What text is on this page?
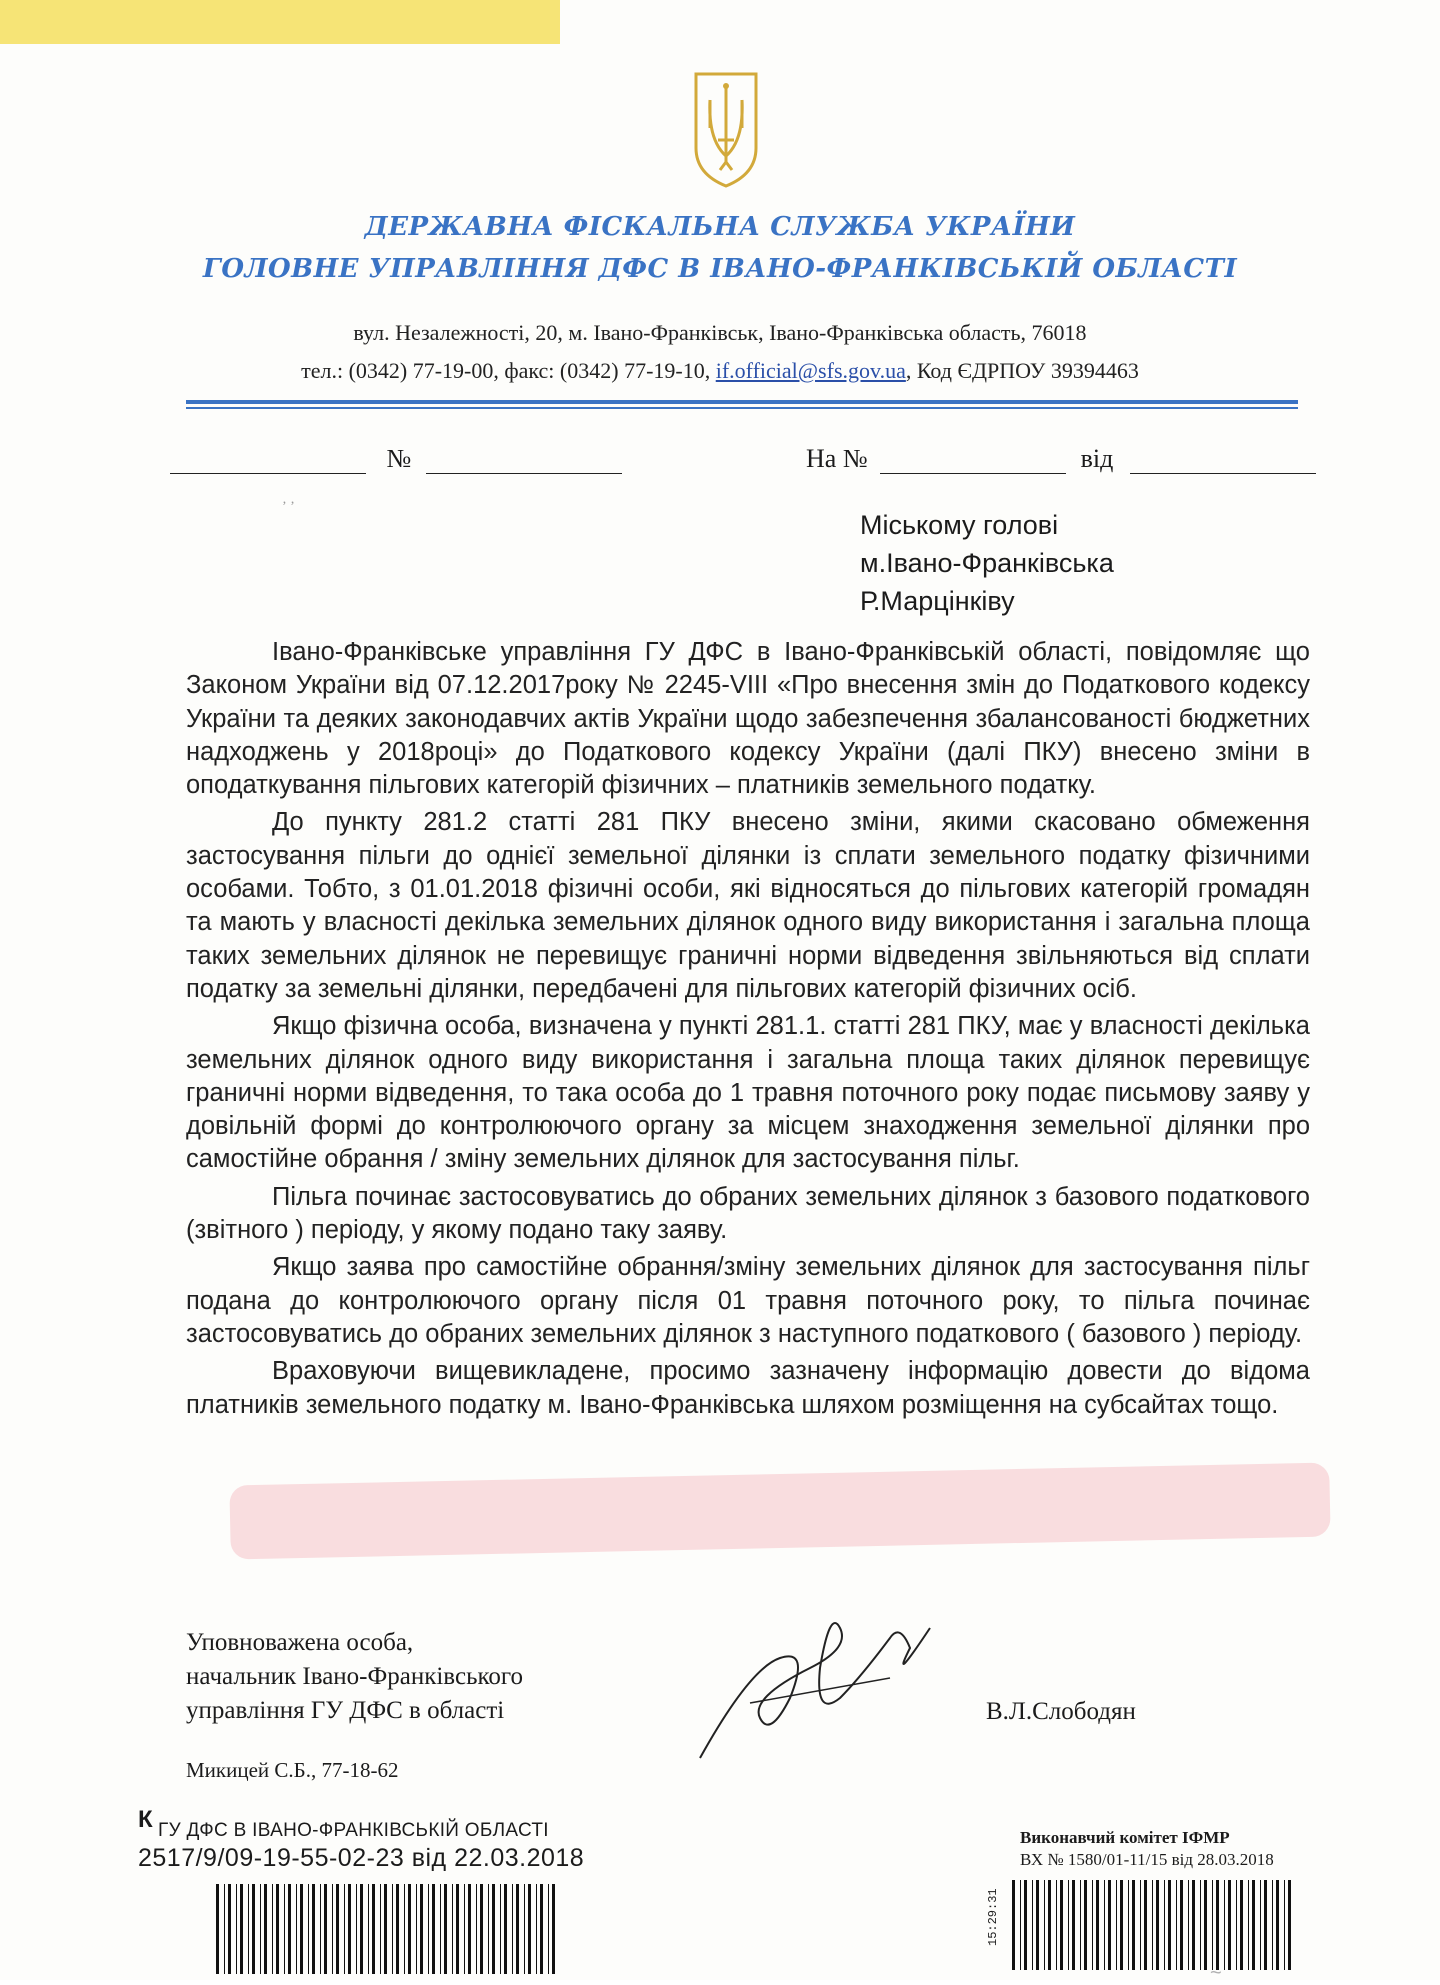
ДЕРЖАВНА ФІСКАЛЬНА СЛУЖБА УКРАЇНИ
ГОЛОВНЕ УПРАВЛІННЯ ДФС В ІВАНО-ФРАНКІВСЬКІЙ ОБЛАСТІ
вул. Незалежності, 20, м. Івано-Франківськ, Івано-Франківська область, 76018
тел.: (0342) 77-19-00, факс: (0342) 77-19-10, if.official@sfs.gov.ua, Код ЄДРПОУ 39394463
№	На №	від
‚ ‚
Міському голові
м.Івано-Франківська
Р.Марцінківу

Івано-Франківське управління ГУ ДФС в Івано-Франківській області, повідомляє що Законом України від 07.12.2017року № 2245-VIII «Про внесення змін до Податкового кодексу України та деяких законодавчих актів України щодо забезпечення збалансованості бюджетних надходжень у 2018році» до Податкового кодексу України (далі ПКУ) внесено зміни в оподаткування пільгових категорій фізичних – платників земельного податку.

До пункту 281.2 статті 281 ПКУ внесено зміни, якими скасовано обмеження застосування пільги до однієї земельної ділянки із сплати земельного податку фізичними особами. Тобто, з 01.01.2018 фізичні особи, які відносяться до пільгових категорій громадян та мають у власності декілька земельних ділянок одного виду використання і загальна площа таких земельних ділянок не перевищує граничні норми відведення звільняються від сплати податку за земельні ділянки, передбачені для пільгових категорій фізичних осіб.

Якщо фізична особа, визначена у пункті 281.1. статті 281 ПКУ, має у власності декілька земельних ділянок одного виду використання і загальна площа таких ділянок перевищує граничні норми відведення, то така особа до 1 травня поточного року подає письмову заяву у довільній формі до контролюючого органу за місцем знаходження земельної ділянки про самостійне обрання / зміну земельних ділянок для застосування пільг.

Пільга починає застосовуватись до обраних земельних ділянок з базового податкового (звітного ) періоду, у якому подано таку заяву.

Якщо заява про самостійне обрання/зміну земельних ділянок для застосування пільг подана до контролюючого органу після 01 травня поточного року, то пільга починає застосовуватись до обраних земельних ділянок з наступного податкового ( базового ) періоду.

Враховуючи вищевикладене, просимо зазначену інформацію довести до відома платників земельного податку м. Івано-Франківська шляхом розміщення на субсайтах тощо.

Уповноважена особа,
начальник Івано-Франківського
управління ГУ ДФС в області	В.Л.Слободян
Микицей С.Б., 77-18-62
К ГУ ДФС В ІВАНО-ФРАНКІВСЬКІЙ ОБЛАСТІ
2517/9/09-19-55-02-23 від 22.03.2018
Виконавчий комітет ІФМР
ВХ № 1580/01-11/15 від 28.03.2018
15:29:31
~
